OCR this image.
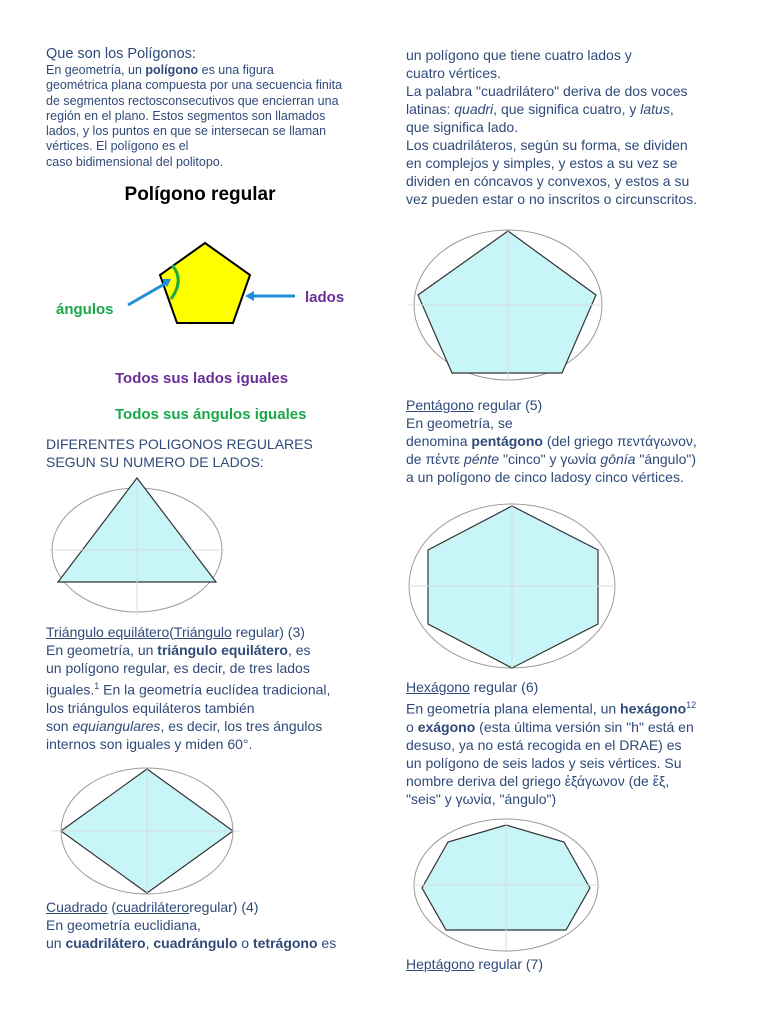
Que son los Polígonos:
En geometría, un polígono es una figura
geométrica plana compuesta por una secuencia finita
de segmentos rectosconsecutivos que encierran una
región en el plano. Estos segmentos son llamados
lados, y los puntos en que se intersecan se llaman
vértices. El polígono es el
caso bidimensional del politopo.
Polígono regular
ángulos
lados
Todos sus lados iguales
Todos sus ángulos iguales
DIFERENTES POLIGONOS REGULARES
SEGUN SU NUMERO DE LADOS:
Triángulo equilátero(Triángulo regular) (3)
En geometría, un triángulo equilátero, es
un polígono regular, es decir, de tres lados
iguales.$^1$ En la geometría euclídea tradicional,
los triángulos equiláteros también
son equiangulares, es decir, los tres ángulos
internos son iguales y miden 60°.
Cuadrado (cuadriláteroregular) (4)
En geometría euclidiana,
un cuadrilátero, cuadrángulo o tetrágono es
un polígono que tiene cuatro lados y
cuatro vértices.
La palabra "cuadrilátero" deriva de dos voces
latinas: quadri, que significa cuatro, y latus,
que significa lado.
Los cuadriláteros, según su forma, se dividen
en complejos y simples, y estos a su vez se
dividen en cóncavos y convexos, y estos a su
vez pueden estar o no inscritos o circunscritos.
Pentágono regular (5)
En geometría, se
denomina pentágono (del griego πεντάγωνον,
de πέντε pénte "cinco" y γωνία gōnía "ángulo")
a un polígono de cinco ladosy cinco vértices.
Hexágono regular (6)
En geometría plana elemental, un hexágono$^{12}$
o exágono (esta última versión sin "h" está en
desuso, ya no está recogida en el DRAE) es
un polígono de seis lados y seis vértices. Su
nombre deriva del griego ἑξάγωνον (de ἕξ,
"seis" y γωνία, "ángulo")
Heptágono regular (7)
